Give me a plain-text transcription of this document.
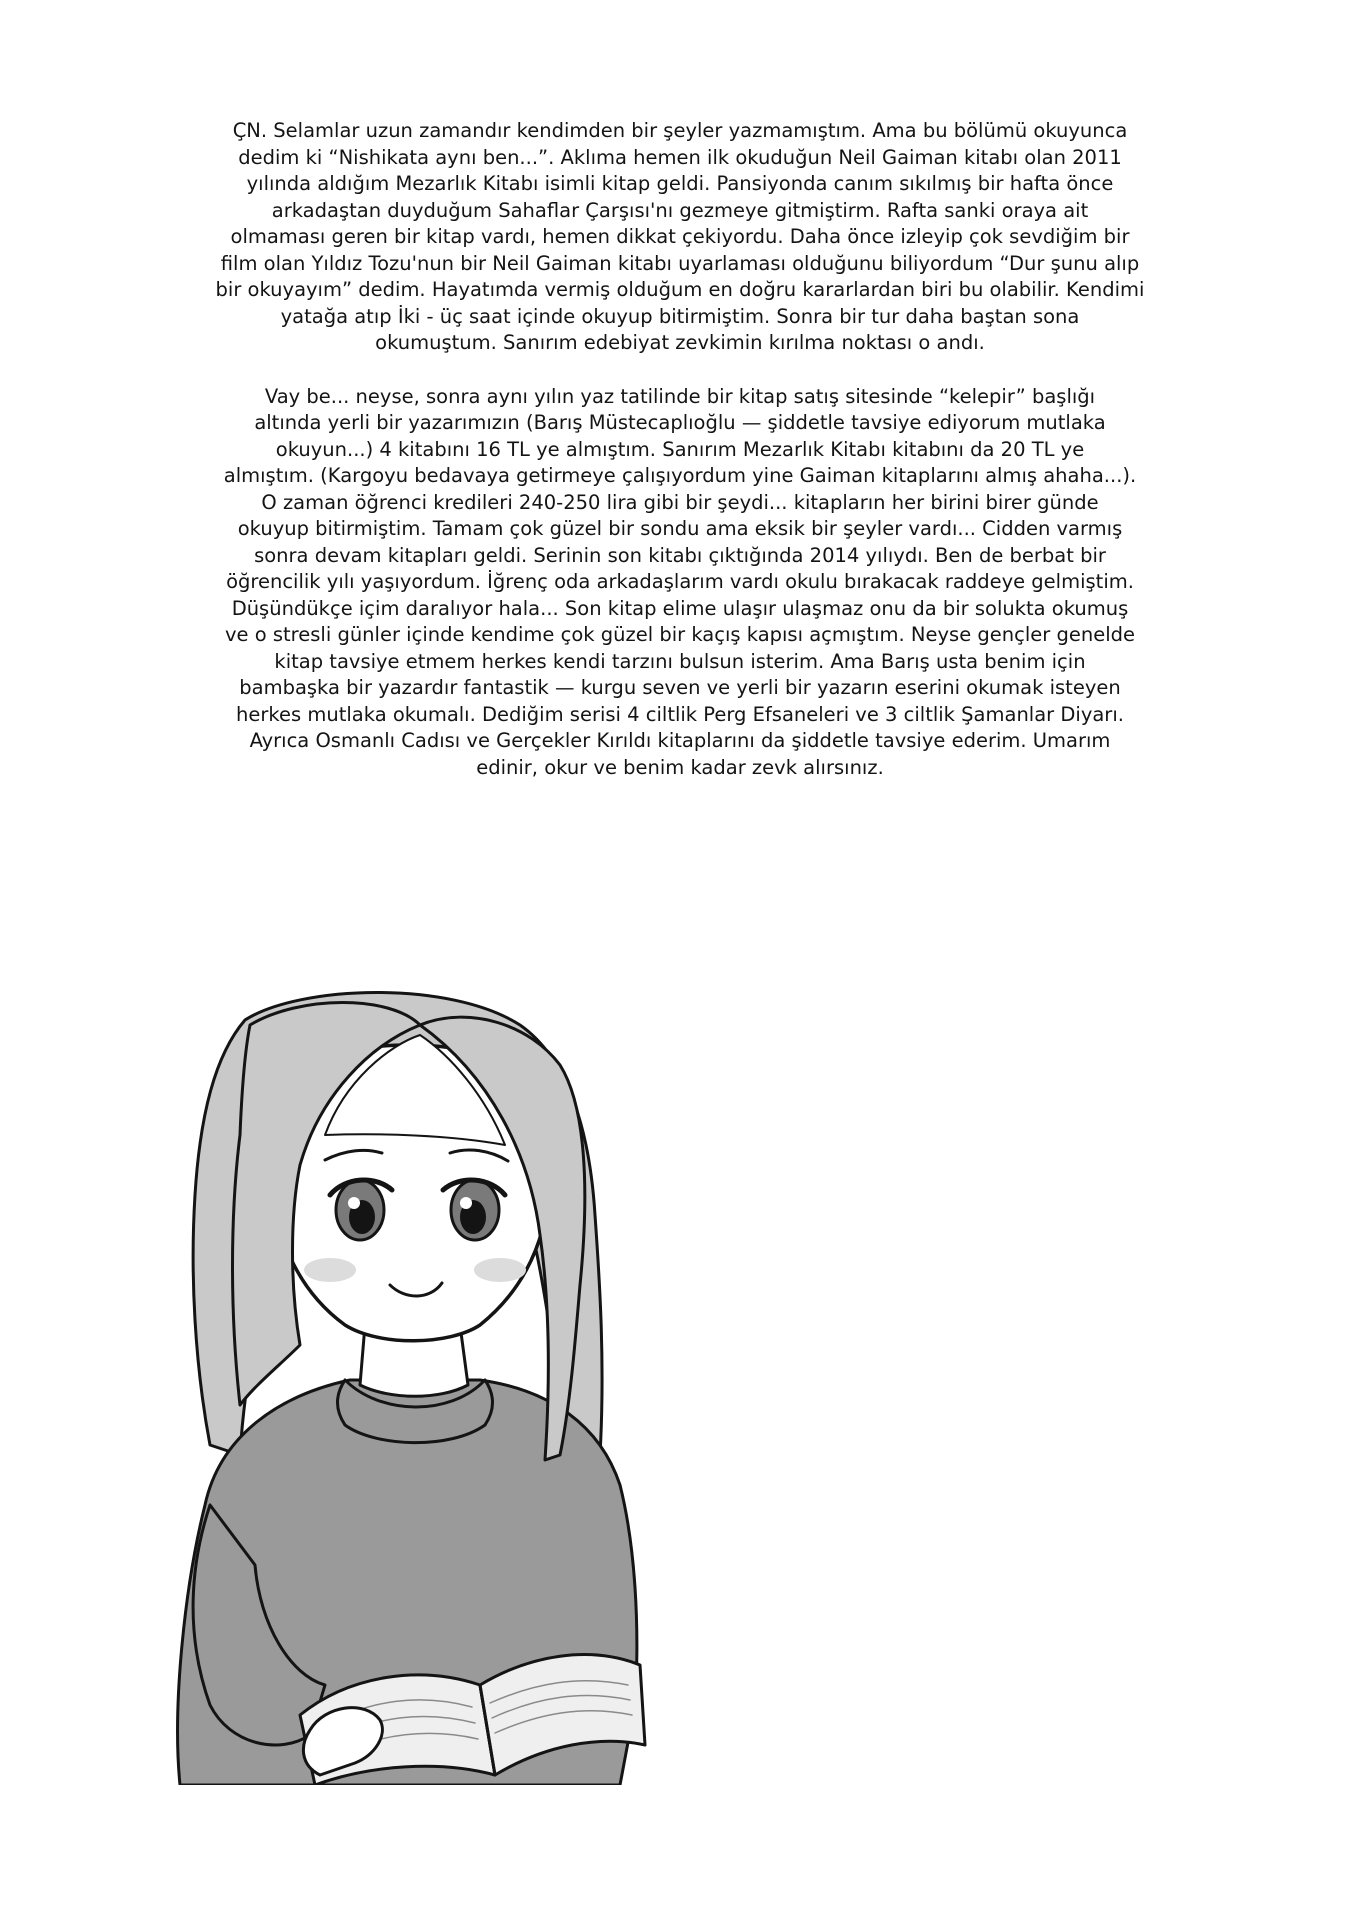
ÇN. Selamlar uzun zamandır kendimden bir şeyler yazmamıştım. Ama bu bölümü okuyunca
dedim ki “Nishikata aynı ben...”. Aklıma hemen ilk okuduğun Neil Gaiman kitabı olan 2011
yılında aldığım Mezarlık Kitabı isimli kitap geldi. Pansiyonda canım sıkılmış bir hafta önce
arkadaştan duyduğum Sahaflar Çarşısı'nı gezmeye gitmiştirm. Rafta sanki oraya ait
olmaması geren bir kitap vardı, hemen dikkat çekiyordu. Daha önce izleyip çok sevdiğim bir
film olan Yıldız Tozu'nun bir Neil Gaiman kitabı uyarlaması olduğunu biliyordum “Dur şunu alıp
bir okuyayım” dedim. Hayatımda vermiş olduğum en doğru kararlardan biri bu olabilir. Kendimi
yatağa atıp İki - üç saat içinde okuyup bitirmiştim. Sonra bir tur daha baştan sona
okumuştum. Sanırım edebiyat zevkimin kırılma noktası o andı.

Vay be... neyse, sonra aynı yılın yaz tatilinde bir kitap satış sitesinde “kelepir” başlığı
altında yerli bir yazarımızın (Barış Müstecaplıoğlu — şiddetle tavsiye ediyorum mutlaka
okuyun...) 4 kitabını 16 TL ye almıştım. Sanırım Mezarlık Kitabı kitabını da 20 TL ye
almıştım. (Kargoyu bedavaya getirmeye çalışıyordum yine Gaiman kitaplarını almış ahaha...).
O zaman öğrenci kredileri 240-250 lira gibi bir şeydi... kitapların her birini birer günde
okuyup bitirmiştim. Tamam çok güzel bir sondu ama eksik bir şeyler vardı... Cidden varmış
sonra devam kitapları geldi. Serinin son kitabı çıktığında 2014 yılıydı. Ben de berbat bir
öğrencilik yılı yaşıyordum. İğrenç oda arkadaşlarım vardı okulu bırakacak raddeye gelmiştim.
Düşündükçe içim daralıyor hala... Son kitap elime ulaşır ulaşmaz onu da bir solukta okumuş
ve o stresli günler içinde kendime çok güzel bir kaçış kapısı açmıştım. Neyse gençler genelde
kitap tavsiye etmem herkes kendi tarzını bulsun isterim. Ama Barış usta benim için
bambaşka bir yazardır fantastik — kurgu seven ve yerli bir yazarın eserini okumak isteyen
herkes mutlaka okumalı. Dediğim serisi 4 ciltlik Perg Efsaneleri ve 3 ciltlik Şamanlar Diyarı.
Ayrıca Osmanlı Cadısı ve Gerçekler Kırıldı kitaplarını da şiddetle tavsiye ederim. Umarım
edinir, okur ve benim kadar zevk alırsınız.
